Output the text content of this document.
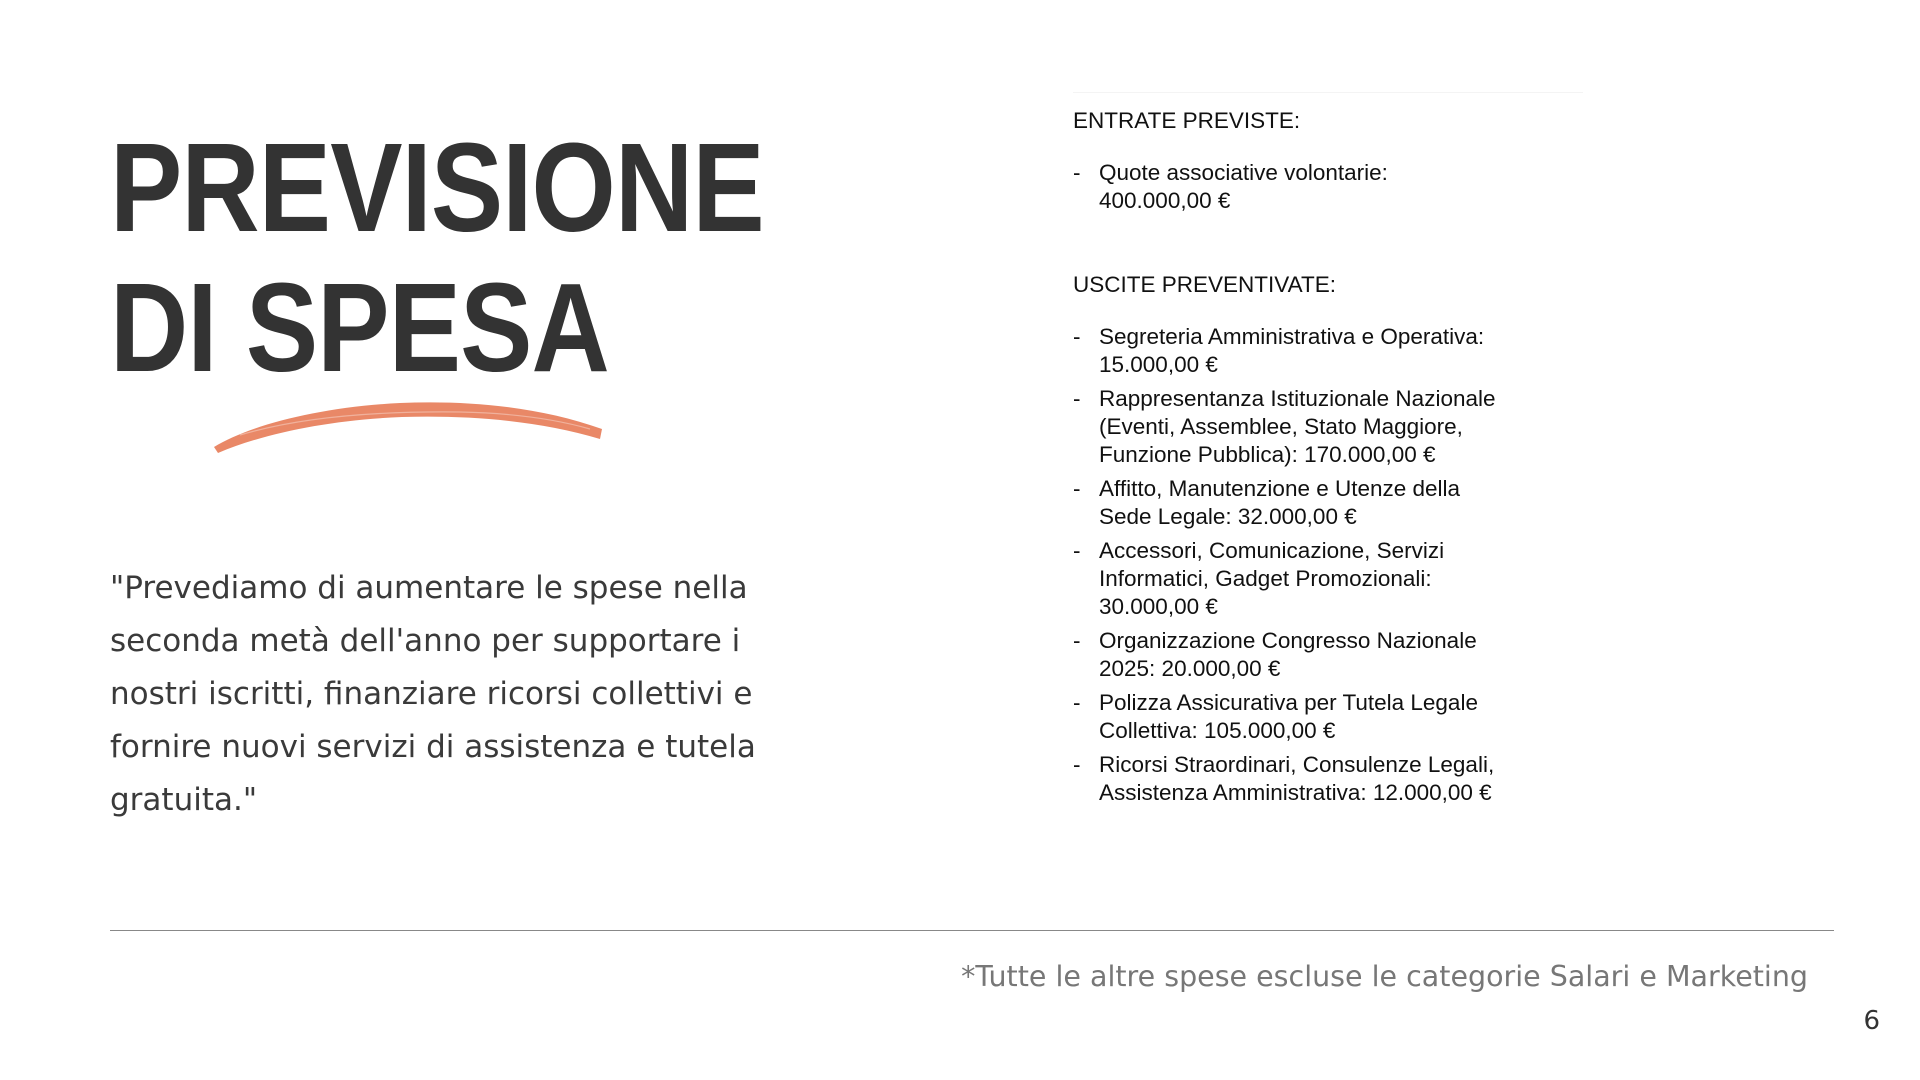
PREVISIONE
DI SPESA

"Prevediamo di aumentare le spese nella seconda metà dell'anno per supportare i nostri iscritti, finanziare ricorsi collettivi e fornire nuovi servizi di assistenza e tutela gratuita."

ENTRATE PREVISTE:

- Quote associative volontarie:
400.000,00 €

USCITE PREVENTIVATE:

- Segreteria Amministrativa e Operativa: 15.000,00 €
- Rappresentanza Istituzionale Nazionale (Eventi, Assemblee, Stato Maggiore, Funzione Pubblica): 170.000,00 €
- Affitto, Manutenzione e Utenze della Sede Legale: 32.000,00 €
- Accessori, Comunicazione, Servizi Informatici, Gadget Promozionali: 30.000,00 €
- Organizzazione Congresso Nazionale 2025: 20.000,00 €
- Polizza Assicurativa per Tutela Legale Collettiva: 105.000,00 €
- Ricorsi Straordinari, Consulenze Legali, Assistenza Amministrativa: 12.000,00 €

*Tutte le altre spese escluse le categorie Salari e Marketing

6
